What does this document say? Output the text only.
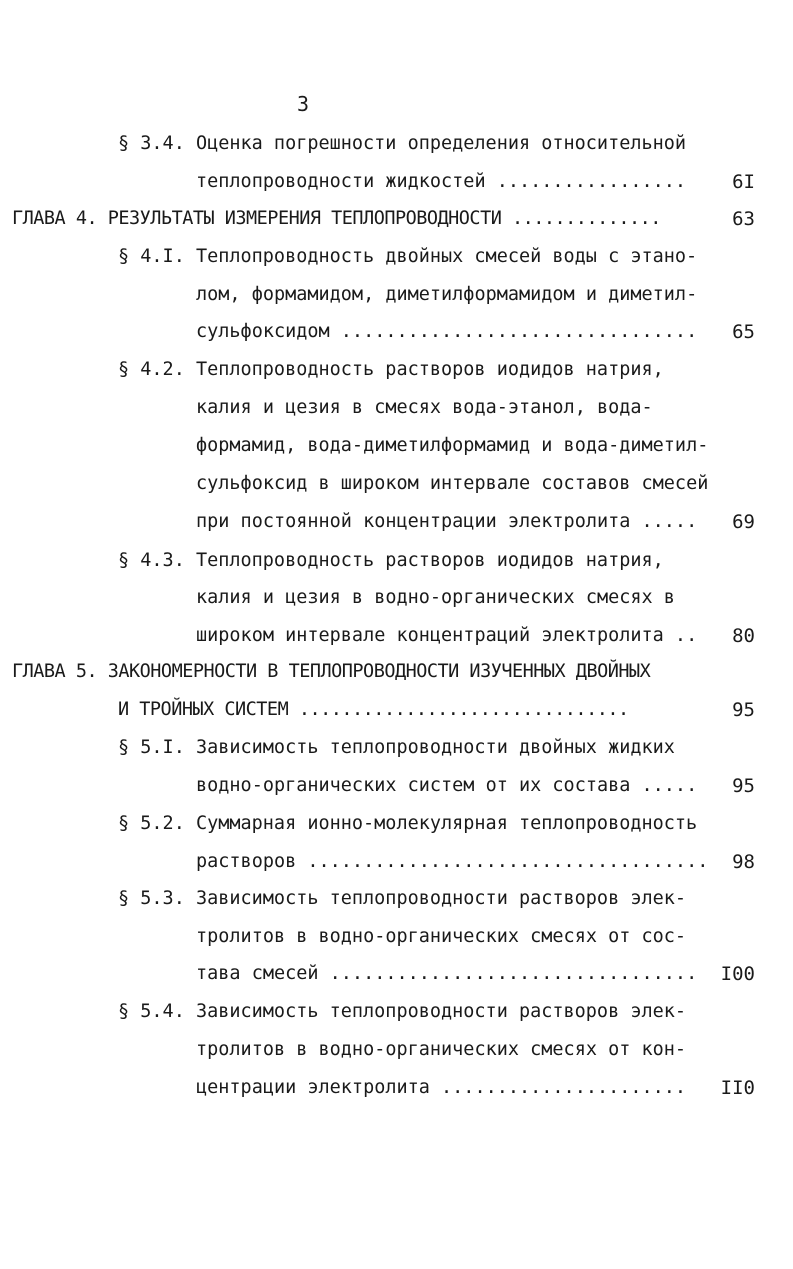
3
§ 3.4. Оценка погрешности определения относительной
теплопроводности жидкостей .................	6I
ГЛАВА 4. РЕЗУЛЬТАТЫ ИЗМЕРЕНИЯ ТЕПЛОПРОВОДНОСТИ ..............	63
§ 4.I. Теплопроводность двойных смесей воды с этано-
лом, формамидом, диметилформамидом и диметил-
сульфоксидом ................................	65
§ 4.2. Теплопроводность растворов иодидов натрия,
калия и цезия в смесях вода-этанол, вода-
формамид, вода-диметилформамид и вода-диметил-
сульфоксид в широком интервале составов смесей
при постоянной концентрации электролита .....	69
§ 4.3. Теплопроводность растворов иодидов натрия,
калия и цезия в водно-органических смесях в
широком интервале концентраций электролита ..	80
ГЛАВА 5. ЗАКОНОМЕРНОСТИ В ТЕПЛОПРОВОДНОСТИ ИЗУЧЕННЫХ ДВОЙНЫХ
И ТРОЙНЫХ СИСТЕМ ...............................	95
§ 5.I. Зависимость теплопроводности двойных жидких
водно-органических систем от их состава .....	95
§ 5.2. Суммарная ионно-молекулярная теплопроводность
растворов ....................................	98
§ 5.3. Зависимость теплопроводности растворов элек-
тролитов в водно-органических смесях от сос-
тава смесей .................................	I00
§ 5.4. Зависимость теплопроводности растворов элек-
тролитов в водно-органических смесях от кон-
центрации электролита ......................	II0
